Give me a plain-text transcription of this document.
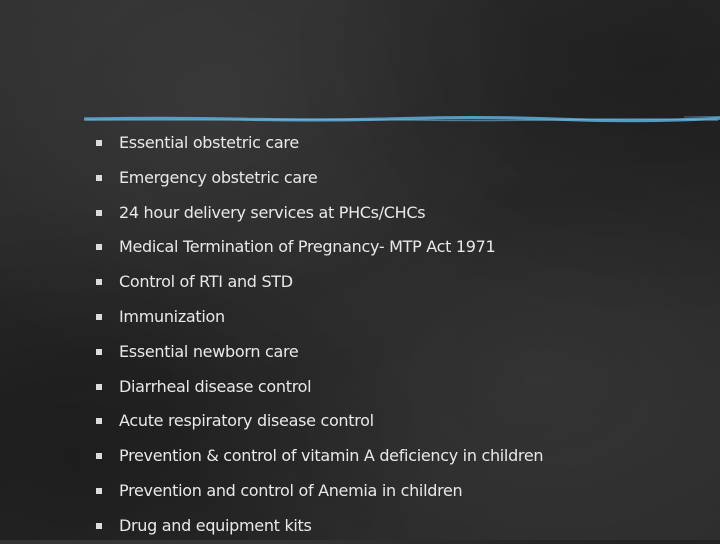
Essential obstetric care
Emergency obstetric care
24 hour delivery services at PHCs/CHCs
Medical Termination of Pregnancy- MTP Act 1971
Control of RTI and STD
Immunization
Essential newborn care
Diarrheal disease control
Acute respiratory disease control
Prevention & control of vitamin A deficiency in children
Prevention and control of Anemia in children
Drug and equipment kits
